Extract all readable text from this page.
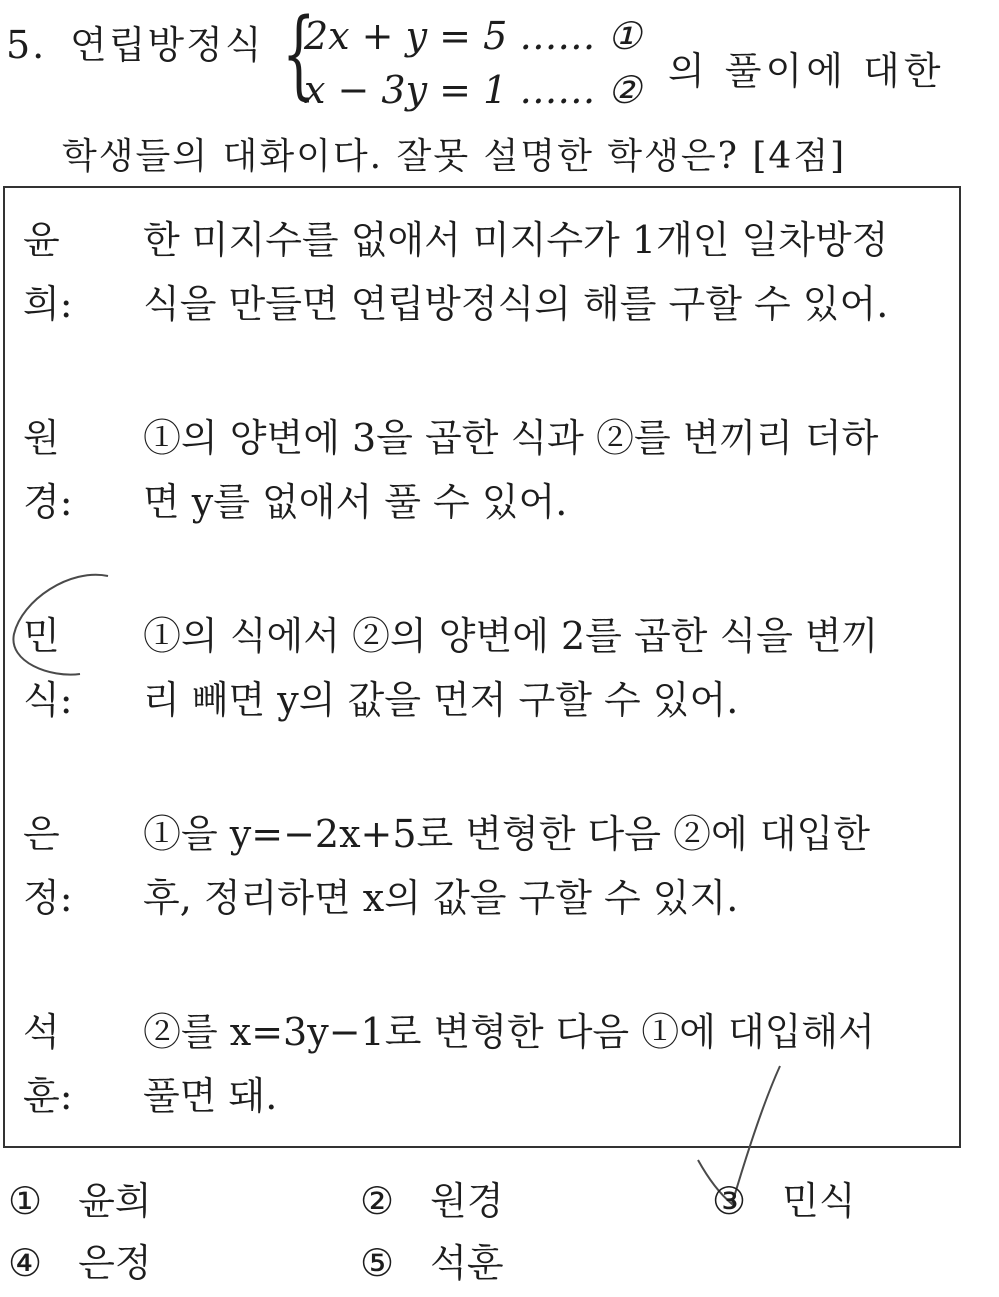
5. 연립방정식 {
2x + y = 5 …… ①
x − 3y = 1 …… ② 의 풀이에 대한
학생들의 대화이다. 잘못 설명한 학생은? [4점]
윤희:
한 미지수를 없애서 미지수가 1개인 일차방정
식을 만들면 연립방정식의 해를 구할 수 있어.
원경:
①의 양변에 3을 곱한 식과 ②를 변끼리 더하
면 y를 없애서 풀 수 있어.
민식:
①의 식에서 ②의 양변에 2를 곱한 식을 변끼
리 빼면 y의 값을 먼저 구할 수 있어.
은정:
①을 y=−2x+5로 변형한 다음 ②에 대입한
후, 정리하면 x의 값을 구할 수 있지.
석훈:
②를 x=3y−1로 변형한 다음 ①에 대입해서
풀면 돼.
① 윤희	② 원경	③ 민식
④ 은정	⑤ 석훈
